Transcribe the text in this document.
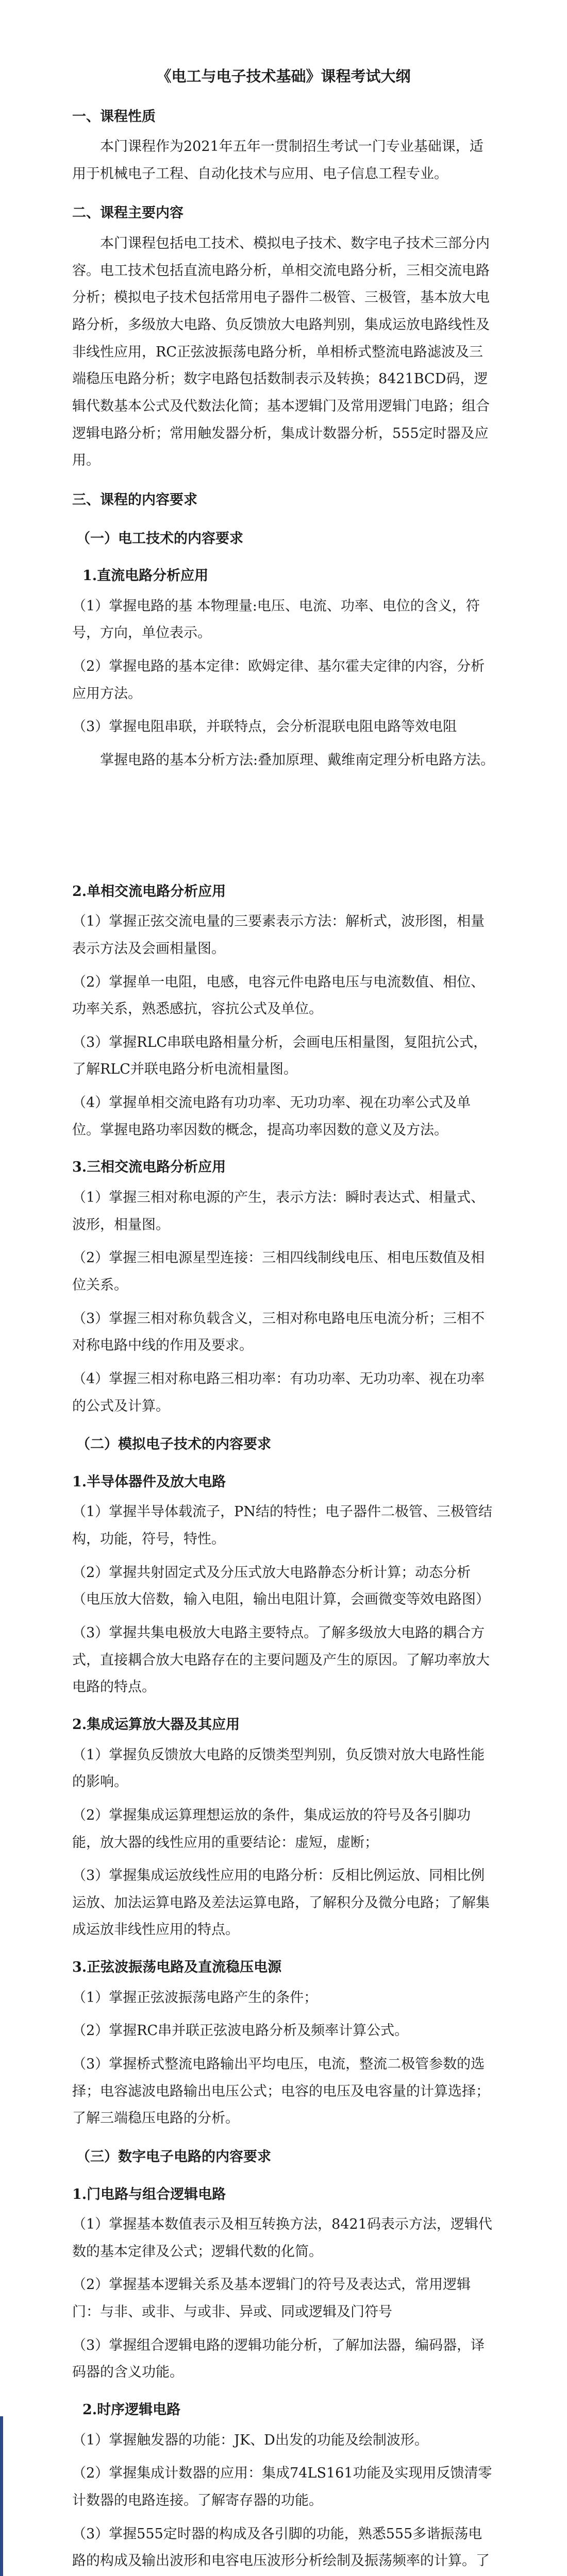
《电工与电子技术基础》课程考试大纲
一、课程性质

本门课程作为2021年五年一贯制招生考试一门专业基础课，适用于机械电子工程、自动化技术与应用、电子信息工程专业。

二、课程主要内容

本门课程包括电工技术、模拟电子技术、数字电子技术三部分内容。电工技术包括直流电路分析，单相交流电路分析，三相交流电路分析；模拟电子技术包括常用电子器件二极管、三极管，基本放大电路分析，多级放大电路、负反馈放大电路判别，集成运放电路线性及非线性应用，RC正弦波振荡电路分析，单相桥式整流电路滤波及三端稳压电路分析；数字电路包括数制表示及转换；8421BCD码，逻辑代数基本公式及代数法化简；基本逻辑门及常用逻辑门电路；组合逻辑电路分析；常用触发器分析，集成计数器分析，555定时器及应用。

三、课程的内容要求
（一）电工技术的内容要求
1.直流电路分析应用

（1）掌握电路的基 本物理量:电压、电流、功率、电位的含义，符号，方向，单位表示。

（2）掌握电路的基本定律：欧姆定律、基尔霍夫定律的内容，分析应用方法。

（3）掌握电阻串联，并联特点，会分析混联电阻电路等效电阻

掌握电路的基本分析方法:叠加原理、戴维南定理分析电路方法。

2.单相交流电路分析应用

（1）掌握正弦交流电量的三要素表示方法：解析式，波形图，相量表示方法及会画相量图。

（2）掌握单一电阻，电感，电容元件电路电压与电流数值、相位、功率关系，熟悉感抗，容抗公式及单位。

（3）掌握RLC串联电路相量分析，会画电压相量图，复阻抗公式，了解RLC并联电路分析电流相量图。

（4）掌握单相交流电路有功功率、无功功率、视在功率公式及单位。掌握电路功率因数的概念，提高功率因数的意义及方法。

3.三相交流电路分析应用

（1）掌握三相对称电源的产生，表示方法：瞬时表达式、相量式、波形，相量图。

（2）掌握三相电源星型连接：三相四线制线电压、相电压数值及相位关系。

（3）掌握三相对称负载含义，三相对称电路电压电流分析；三相不对称电路中线的作用及要求。

（4）掌握三相对称电路三相功率：有功功率、无功功率、视在功率的公式及计算。

（二）模拟电子技术的内容要求
1.半导体器件及放大电路

（1）掌握半导体载流子，PN结的特性；电子器件二极管、三极管结构，功能，符号，特性。

（2）掌握共射固定式及分压式放大电路静态分析计算；动态分析（电压放大倍数，输入电阻，输出电阻计算，会画微变等效电路图）

（3）掌握共集电极放大电路主要特点。了解多级放大电路的耦合方式，直接耦合放大电路存在的主要问题及产生的原因。了解功率放大电路的特点。

2.集成运算放大器及其应用

（1）掌握负反馈放大电路的反馈类型判别，负反馈对放大电路性能的影响。

（2）掌握集成运算理想运放的条件，集成运放的符号及各引脚功能，放大器的线性应用的重要结论：虚短，虚断；

（3）掌握集成运放线性应用的电路分析：反相比例运放、同相比例运放、加法运算电路及差法运算电路，了解积分及微分电路；了解集成运放非线性应用的特点。

3.正弦波振荡电路及直流稳压电源

（1）掌握正弦波振荡电路产生的条件；

（2）掌握RC串并联正弦波电路分析及频率计算公式。

（3）掌握桥式整流电路输出平均电压，电流，整流二极管参数的选择；电容滤波电路输出电压公式；电容的电压及电容量的计算选择；了解三端稳压电路的分析。

（三）数字电子电路的内容要求
1.门电路与组合逻辑电路

（1）掌握基本数值表示及相互转换方法，8421码表示方法，逻辑代数的基本定律及公式；逻辑代数的化简。

（2）掌握基本逻辑关系及基本逻辑门的符号及表达式，常用逻辑门：与非、或非、与或非、异或、同或逻辑及门符号

（3）掌握组合逻辑电路的逻辑功能分析，了解加法器，编码器，译码器的含义功能。

2.时序逻辑电路

（1）掌握触发器的功能：JK、D出发的功能及绘制波形。

（2）掌握集成计数器的应用：集成74LS161功能及实现用反馈清零计数器的电路连接。了解寄存器的功能。

（3）掌握555定时器的构成及各引脚的功能，熟悉555多谐振荡电路的构成及输出波形和电容电压波形分析绘制及振荡频率的计算。了
